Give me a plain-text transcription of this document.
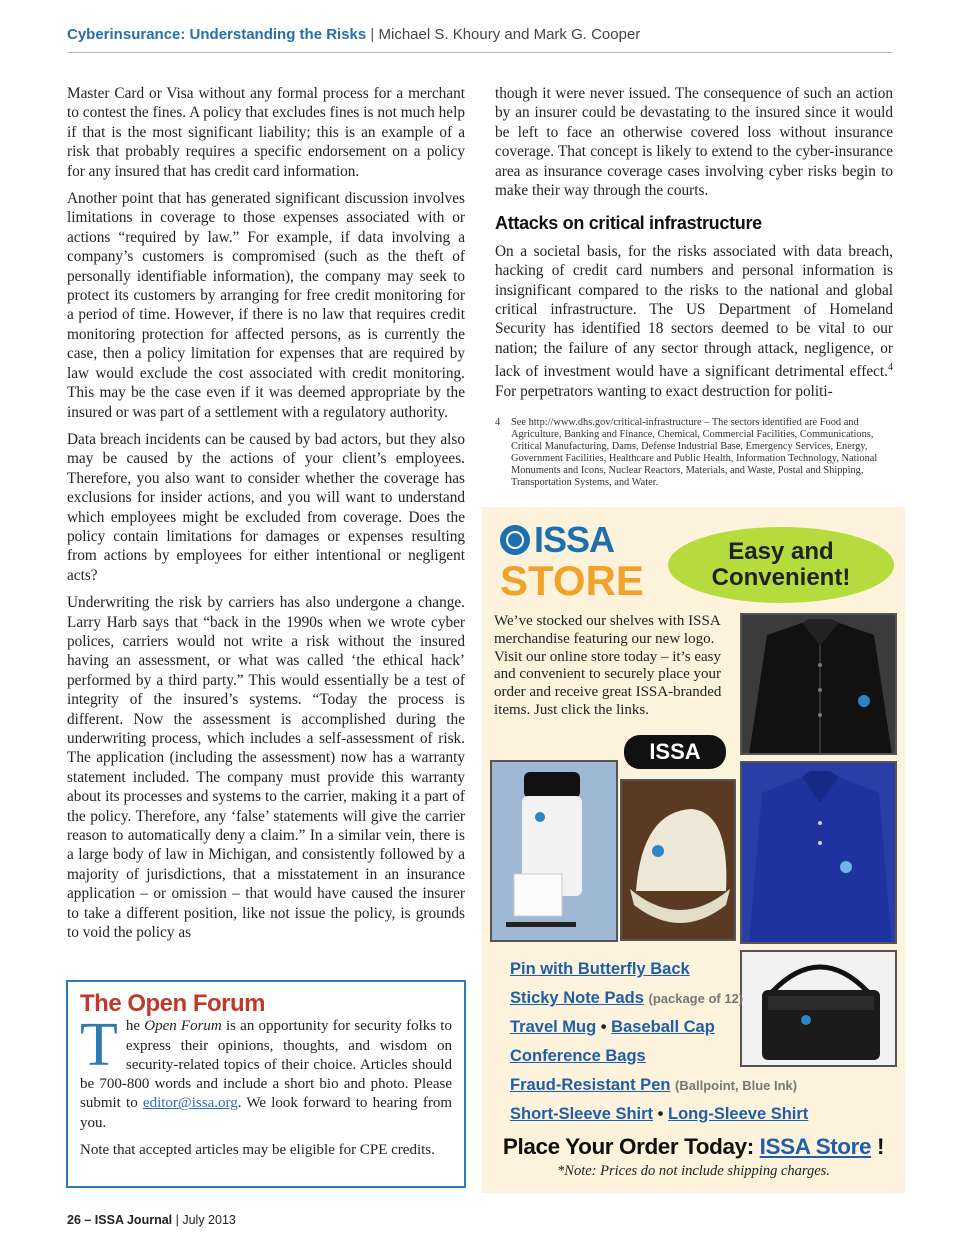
Cyberinsurance: Understanding the Risks | Michael S. Khoury and Mark G. Cooper

Master Card or Visa without any formal process for a merchant to contest the fines. A policy that excludes fines is not much help if that is the most significant liability; this is an example of a risk that probably requires a specific endorsement on a policy for any insured that has credit card information.

Another point that has generated significant discussion involves limitations in coverage to those expenses associated with or actions “required by law.” For example, if data involving a company’s customers is compromised (such as the theft of personally identifiable information), the company may seek to protect its customers by arranging for free credit monitoring for a period of time. However, if there is no law that requires credit monitoring protection for affected persons, as is currently the case, then a policy limitation for expenses that are required by law would exclude the cost associated with credit monitoring. This may be the case even if it was deemed appropriate by the insured or was part of a settlement with a regulatory authority.

Data breach incidents can be caused by bad actors, but they also may be caused by the actions of your client’s employees. Therefore, you also want to consider whether the coverage has exclusions for insider actions, and you will want to understand which employees might be excluded from coverage. Does the policy contain limitations for damages or expenses resulting from actions by employees for either intentional or negligent acts?

Underwriting the risk by carriers has also undergone a change. Larry Harb says that “back in the 1990s when we wrote cyber polices, carriers would not write a risk without the insured having an assessment, or what was called ‘the ethical hack’ performed by a third party.” This would essentially be a test of integrity of the insured’s systems. “Today the process is different. Now the assessment is accomplished during the underwriting process, which includes a self-assessment of risk. The application (including the assessment) now has a warranty statement included. The company must provide this warranty about its processes and systems to the carrier, making it a part of the policy. Therefore, any ‘false’ statements will give the carrier reason to automatically deny a claim.” In a similar vein, there is a large body of law in Michigan, and consistently followed by a majority of jurisdictions, that a misstatement in an insurance application – or omission – that would have caused the insurer to take a different position, like not issue the policy, is grounds to void the policy as

though it were never issued. The consequence of such an action by an insurer could be devastating to the insured since it would be left to face an otherwise covered loss without insurance coverage. That concept is likely to extend to the cyber-insurance area as insurance coverage cases involving cyber risks begin to make their way through the courts.

Attacks on critical infrastructure

On a societal basis, for the risks associated with data breach, hacking of credit card numbers and personal information is insignificant compared to the risks to the national and global critical infrastructure. The US Department of Homeland Security has identified 18 sectors deemed to be vital to our nation; the failure of any sector through attack, negligence, or lack of investment would have a significant detrimental effect.$^4$ For perpetrators wanting to exact destruction for politi-

4 See http://www.dhs.gov/critical-infrastructure – The sectors identified are Food and Agriculture, Banking and Finance, Chemical, Commercial Facilities, Communications, Critical Manufacturing, Dams, Defense Industrial Base, Emergency Services, Energy, Government Facilities, Healthcare and Public Health, Information Technology, National Monuments and Icons, Nuclear Reactors, Materials, and Waste, Postal and Shipping, Transportation Systems, and Water.
The Open Forum

The Open Forum is an opportunity for security folks to express their opinions, thoughts, and wisdom on security-related topics of their choice. Articles should be 700-800 words and include a short bio and photo. Please submit to editor@issa.org. We look forward to hearing from you.

Note that accepted articles may be eligible for CPE credits.

ISSA
STORE
Easy and
Convenient!
We’ve stocked our shelves with ISSA merchandise featuring our new logo. Visit our online store today – it’s easy and convenient to securely place your order and receive great ISSA-branded items. Just click the links.
ISSA
Pin with Butterfly Back
Sticky Note Pads (package of 12)
Travel Mug • Baseball Cap
Conference Bags
Fraud-Resistant Pen (Ballpoint, Blue Ink)
Short-Sleeve Shirt • Long-Sleeve Shirt
Place Your Order Today: ISSA Store !
*Note: Prices do not include shipping charges.
26 – ISSA Journal | July 2013
